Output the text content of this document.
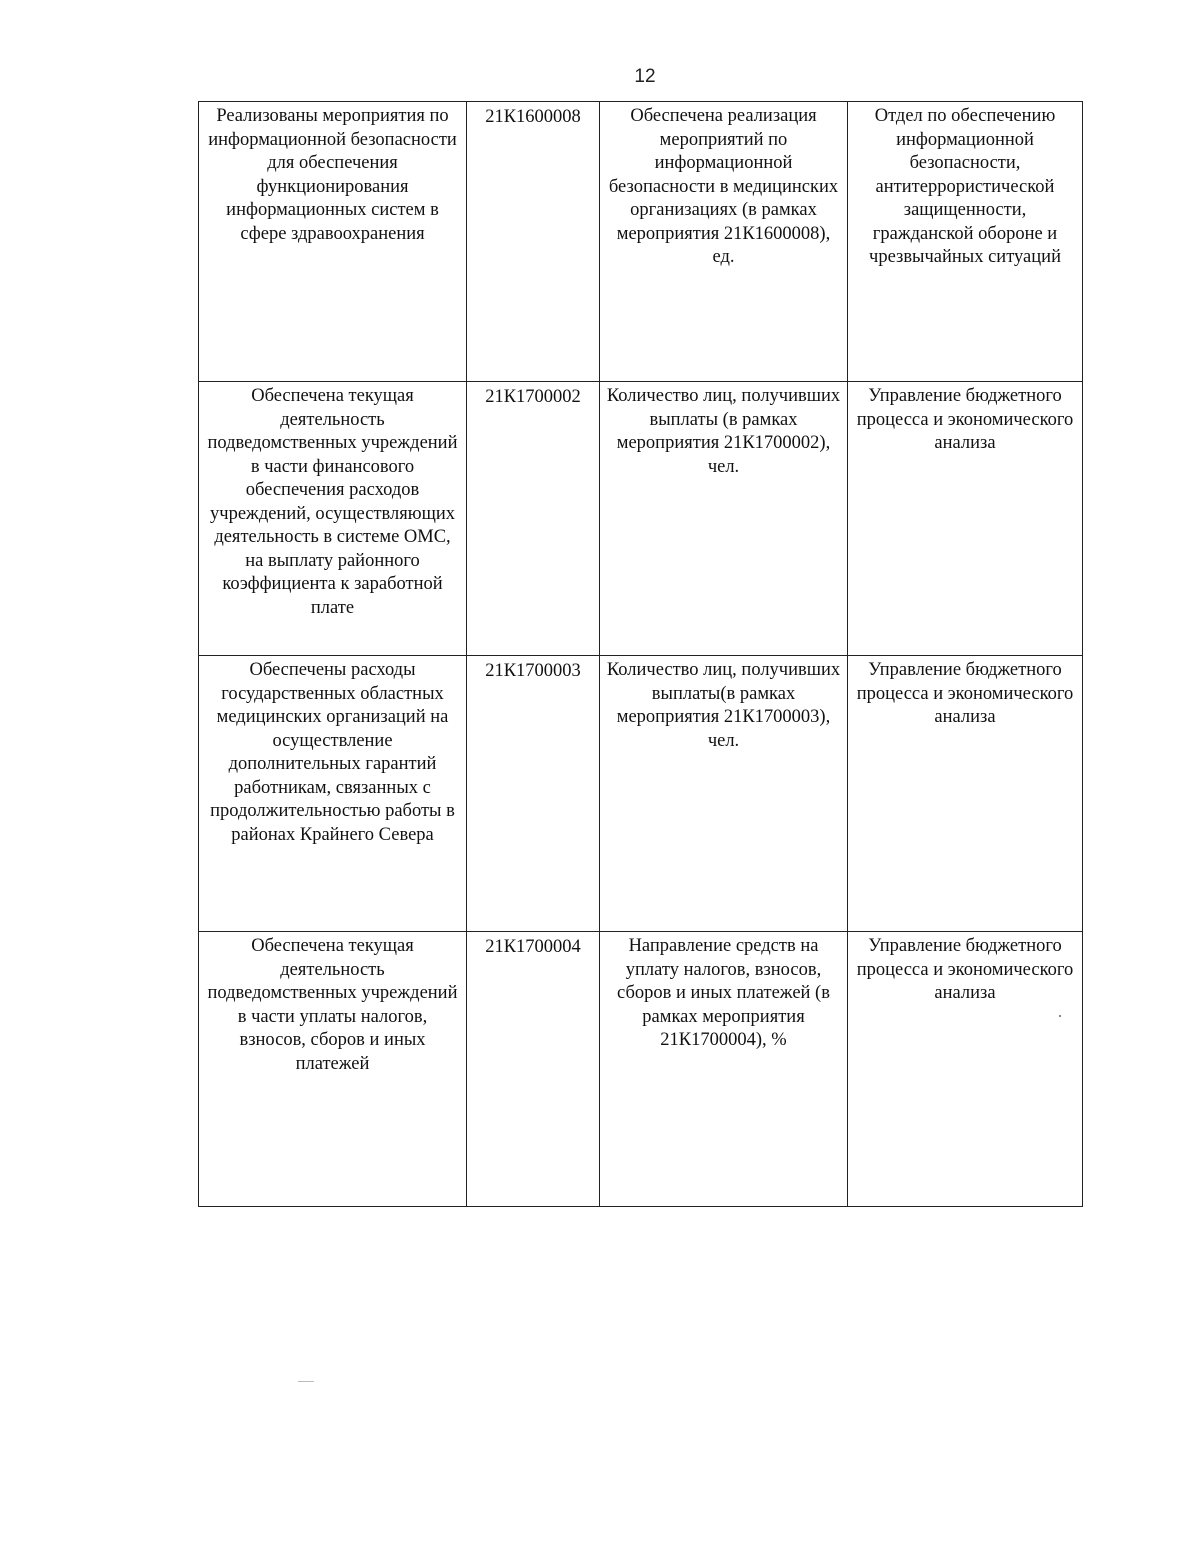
12
Реализованы мероприятия по информационной безопасности для обеспечения функционирования информационных систем в сфере здравоохранения	21К1600008	Обеспечена реализация мероприятий по информационной безопасности в медицинских организациях (в рамках мероприятия 21К1600008), ед.	Отдел по обеспечению информационной безопасности, антитеррористической защищенности, гражданской обороне и чрезвычайных ситуаций
Обеспечена текущая деятельность подведомственных учреждений в части финансового обеспечения расходов учреждений, осуществляющих деятельность в системе ОМС, на выплату районного коэффициента к заработной плате	21К1700002	Количество лиц, получивших выплаты (в рамках мероприятия 21К1700002), чел.	Управление бюджетного процесса и экономического анализа
Обеспечены расходы государственных областных медицинских организаций на осуществление дополнительных гарантий работникам, связанных с продолжительностью работы в районах Крайнего Севера	21К1700003	Количество лиц, получивших выплаты(в рамках мероприятия 21К1700003), чел.	Управление бюджетного процесса и экономического анализа
Обеспечена текущая деятельность подведомственных учреждений в части уплаты налогов, взносов, сборов и иных платежей	21К1700004	Направление средств на уплату налогов, взносов, сборов и иных платежей (в рамках мероприятия 21К1700004), %	Управление бюджетного процесса и экономического анализа
